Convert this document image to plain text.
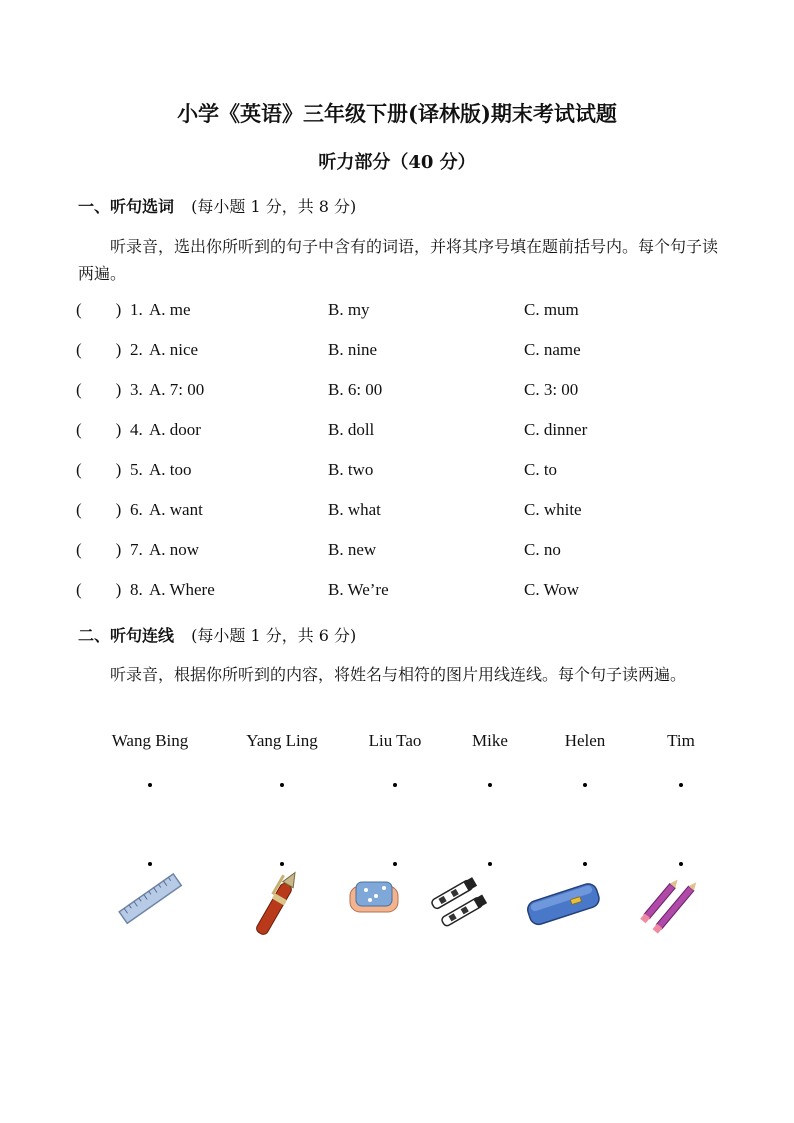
小学《英语》三年级下册(译林版)期末考试试题
听力部分（40 分）
一、听句选词 (每小题 1 分，共 8 分)
听录音，选出你所听到的句子中含有的词语，并将其序号填在题前括号内。每个句子读两遍。
(        ) 1. A. me	B. my	C. mum
(        ) 2. A. nice	B. nine	C. name
(        ) 3. A. 7: 00	B. 6: 00	C. 3: 00
(        ) 4. A. door	B. doll	C. dinner
(        ) 5. A. too	B. two	C. to
(        ) 6. A. want	B. what	C. white
(        ) 7. A. now	B. new	C. no
(        ) 8. A. Where	B. We’re	C. Wow
二、听句连线 (每小题 1 分，共 6 分)
听录音，根据你所听到的内容，将姓名与相符的图片用线连线。每个句子读两遍。
Wang Bing	Yang Ling	Liu Tao	Mike	Helen	Tim
